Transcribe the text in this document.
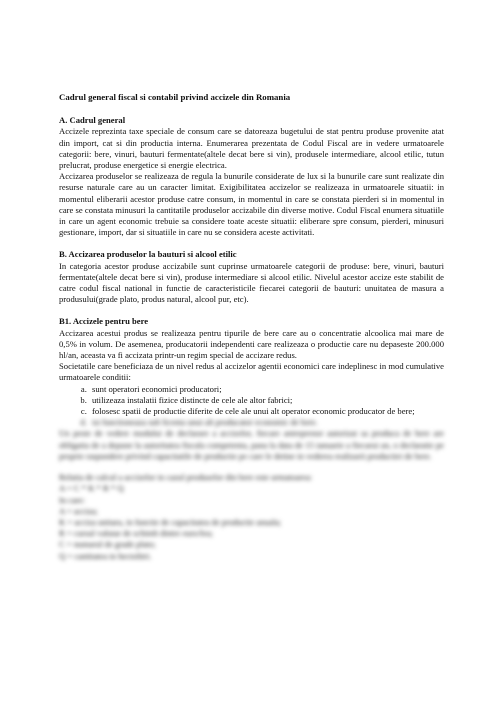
Cadrul general fiscal si contabil privind accizele din Romania

A. Cadrul general

Accizele reprezinta taxe speciale de consum care se datoreaza bugetului de stat pentru produse provenite atat din import, cat si din productia interna. Enumerarea prezentata de Codul Fiscal are in vedere urmatoarele categorii: bere, vinuri, bauturi fermentate(altele decat bere si vin), produsele intermediare, alcool etilic, tutun prelucrat, produse energetice si energie electrica.

Accizarea produselor se realizeaza de regula la bunurile considerate de lux si la bunurile care sunt realizate din resurse naturale care au un caracter limitat. Exigibilitatea accizelor se realizeaza in urmatoarele situatii: in momentul eliberarii acestor produse catre consum, in momentul in care se constata pierderi si in momentul in care se constata minusuri la cantitatile produselor accizabile din diverse motive. Codul Fiscal enumera situatiile in care un agent economic trebuie sa considere toate aceste situatii: eliberare spre consum, pierderi, minusuri gestionare, import, dar si situatiile in care nu se considera aceste activitati.

B. Accizarea produselor la bauturi si alcool etilic

In categoria acestor produse accizabile sunt cuprinse urmatoarele categorii de produse: bere, vinuri, bauturi fermentate(altele decat bere si vin), produse intermediare si alcool etilic. Nivelul acestor accize este stabilit de catre codul fiscal national in functie de caracteristicile fiecarei categorii de bauturi: unuitatea de masura a produsului(grade plato, produs natural, alcool pur, etc).

B1. Accizele pentru bere

Accizarea acestui produs se realizeaza pentru tipurile de bere care au o concentratie alcoolica mai mare de 0,5% in volum. De asemenea, producatorii independenti care realizeaza o productie care nu depaseste 200.000 hl/an, aceasta va fi accizata printr-un regim special de accizare redus.

Societatile care beneficiaza de un nivel redus al accizelor agentii economici care indeplinesc in mod cumulative urmatoarele conditii:

a. sunt operatori economici producatori;
b. utilizeaza instalatii fizice distincte de cele ale altor fabrici;
c. folosesc spatii de productie diferite de cele ale unui alt operator economic producator de bere;
d. isi functioneaza sub licenta unui alt producator economic de bere.

Un peste de vedere modului de declarare a accizelor, fiecare antreprenor autorizat sa produca de bere are obligatia de a depune la autoritatea fiscala competenta, pana la data de 15 ianuarie a fiecarui an, o declaratie pe proprie raspundere privind capacitatile de productie pe care le detine in vederea realizarii productiei de bere.

Relatia de calcul a accizelor in cazul produselor din bere este urmatoarea:

A = C * K * R * Q

In care:

A = acciza;
K = acciza unitara, in functie de capacitatea de productie anuala;
R = cursul valutar de schimb dintre euro/leu;
C = numarul de grade plato;
Q = cantitatea in hectolitri.
